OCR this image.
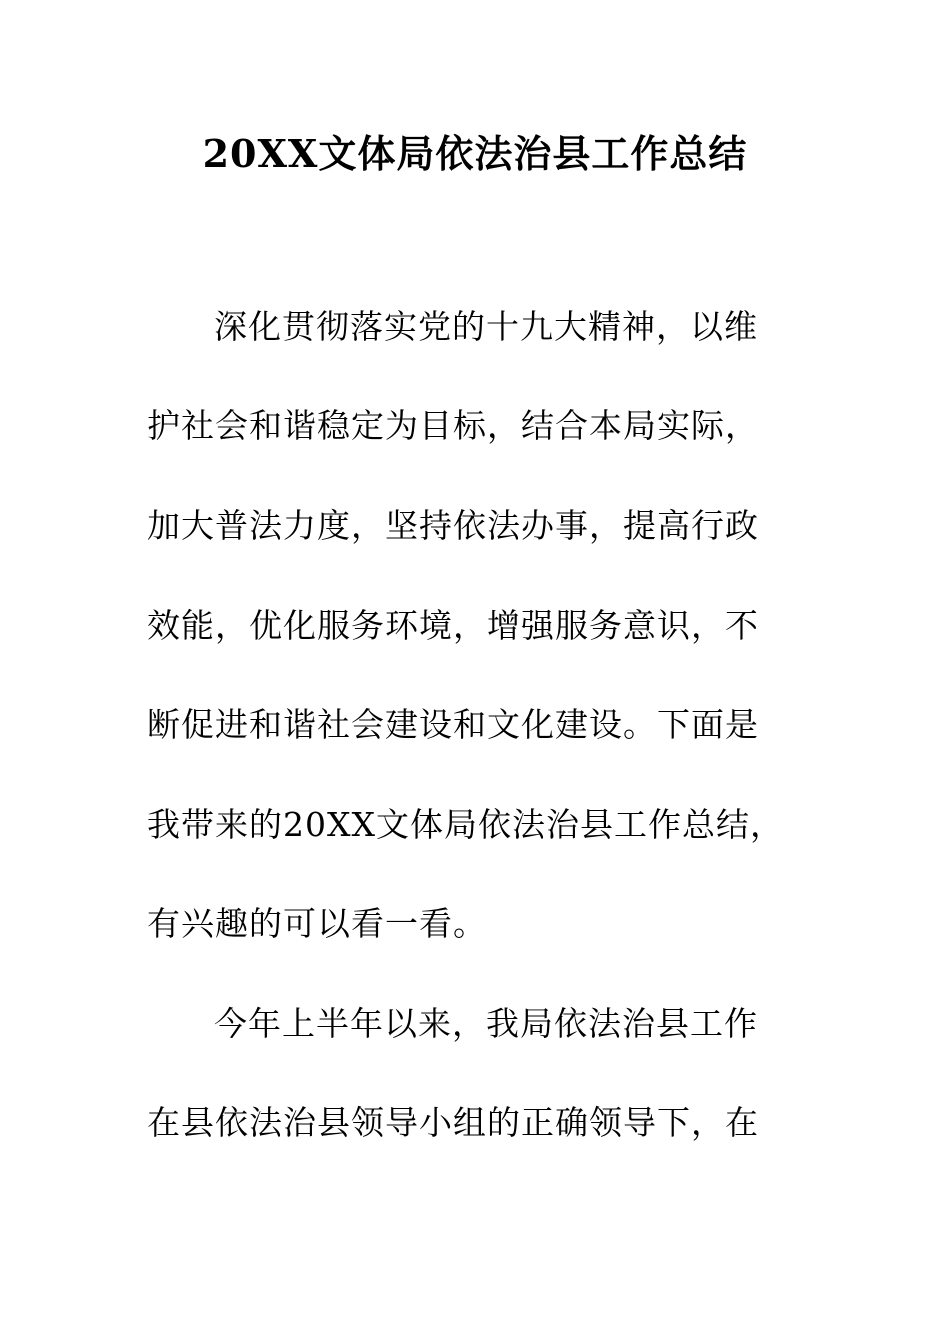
20XX文体局依法治县工作总结
深化贯彻落实党的十九大精神，以维
护社会和谐稳定为目标，结合本局实际，
加大普法力度，坚持依法办事，提高行政
效能，优化服务环境，增强服务意识，不
断促进和谐社会建设和文化建设。下面是
我带来的20XX文体局依法治县工作总结，
有兴趣的可以看一看。
今年上半年以来，我局依法治县工作
在县依法治县领导小组的正确领导下，在
